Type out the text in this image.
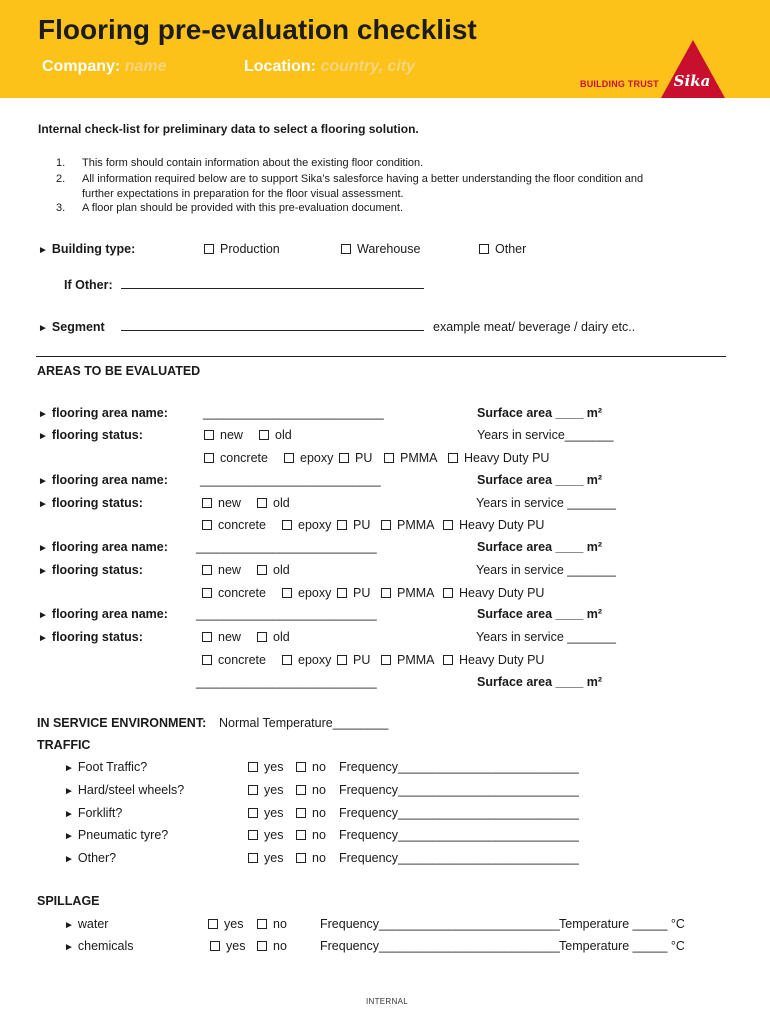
Flooring pre-evaluation checklist
Company: name	Location: country, city
BUILDING TRUST Sika
Internal check-list for preliminary data to select a flooring solution.
1. This form should contain information about the existing floor condition.
2. All information required below are to support Sika’s salesforce having a better understanding the floor condition and
further expectations in preparation for the floor visual assessment.
3. A floor plan should be provided with this pre-evaluation document.
► Building type:	Production	Warehouse	Other
If Other:
► Segment	example meat/ beverage / dairy etc..
AREAS TO BE EVALUATED
► flooring area name:	__________________________	Surface area ____ m²
► flooring status:	new	old	Years in service_______
concrete	epoxy	PU	PMMA	Heavy Duty PU
► flooring area name:	__________________________	Surface area ____ m²
► flooring status:	new	old	Years in service _______
concrete	epoxy	PU	PMMA	Heavy Duty PU
► flooring area name: __________________________	Surface area ____ m²
► flooring status:	new	old	Years in service _______
concrete	epoxy	PU	PMMA	Heavy Duty PU
► flooring area name: __________________________	Surface area ____ m²
► flooring status:	new	old	Years in service _______
concrete	epoxy	PU	PMMA	Heavy Duty PU
__________________________	Surface area ____ m²
IN SERVICE ENVIRONMENT: Normal Temperature________
TRAFFIC
► Foot Traffic?	yes	no Frequency__________________________
► Hard/steel wheels?	yes	no Frequency__________________________
► Forklift?	yes	no Frequency__________________________
► Pneumatic tyre?	yes	no Frequency__________________________
► Other?	yes	no Frequency__________________________
SPILLAGE
► water	yes	no	Frequency__________________________ Temperature _____ °C
► chemicals	yes	no	Frequency__________________________ Temperature _____ °C
INTERNAL
